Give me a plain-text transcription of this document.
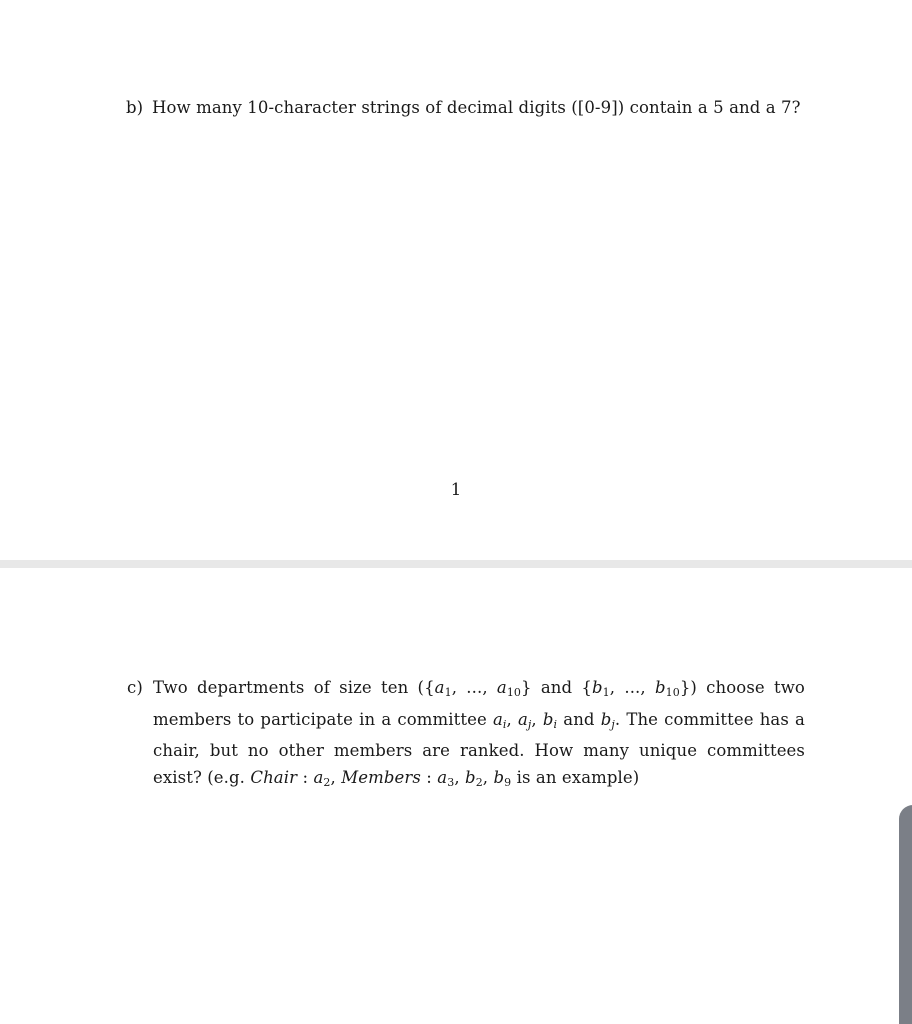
b) How many 10-character strings of decimal digits ([0-9]) contain a 5 and a 7?
1
c) Two departments of size ten ({$a_1$, ..., $a_{10}$} and {$b_1$, ..., $b_{10}$}) choose two members to participate in a committee $a_i$, $a_j$, $b_i$ and $b_j$. The committee has a chair, but no other members are ranked. How many unique committees exist? (e.g. Chair : $a_2$, Members : $a_3$, $b_2$, $b_9$ is an example)
